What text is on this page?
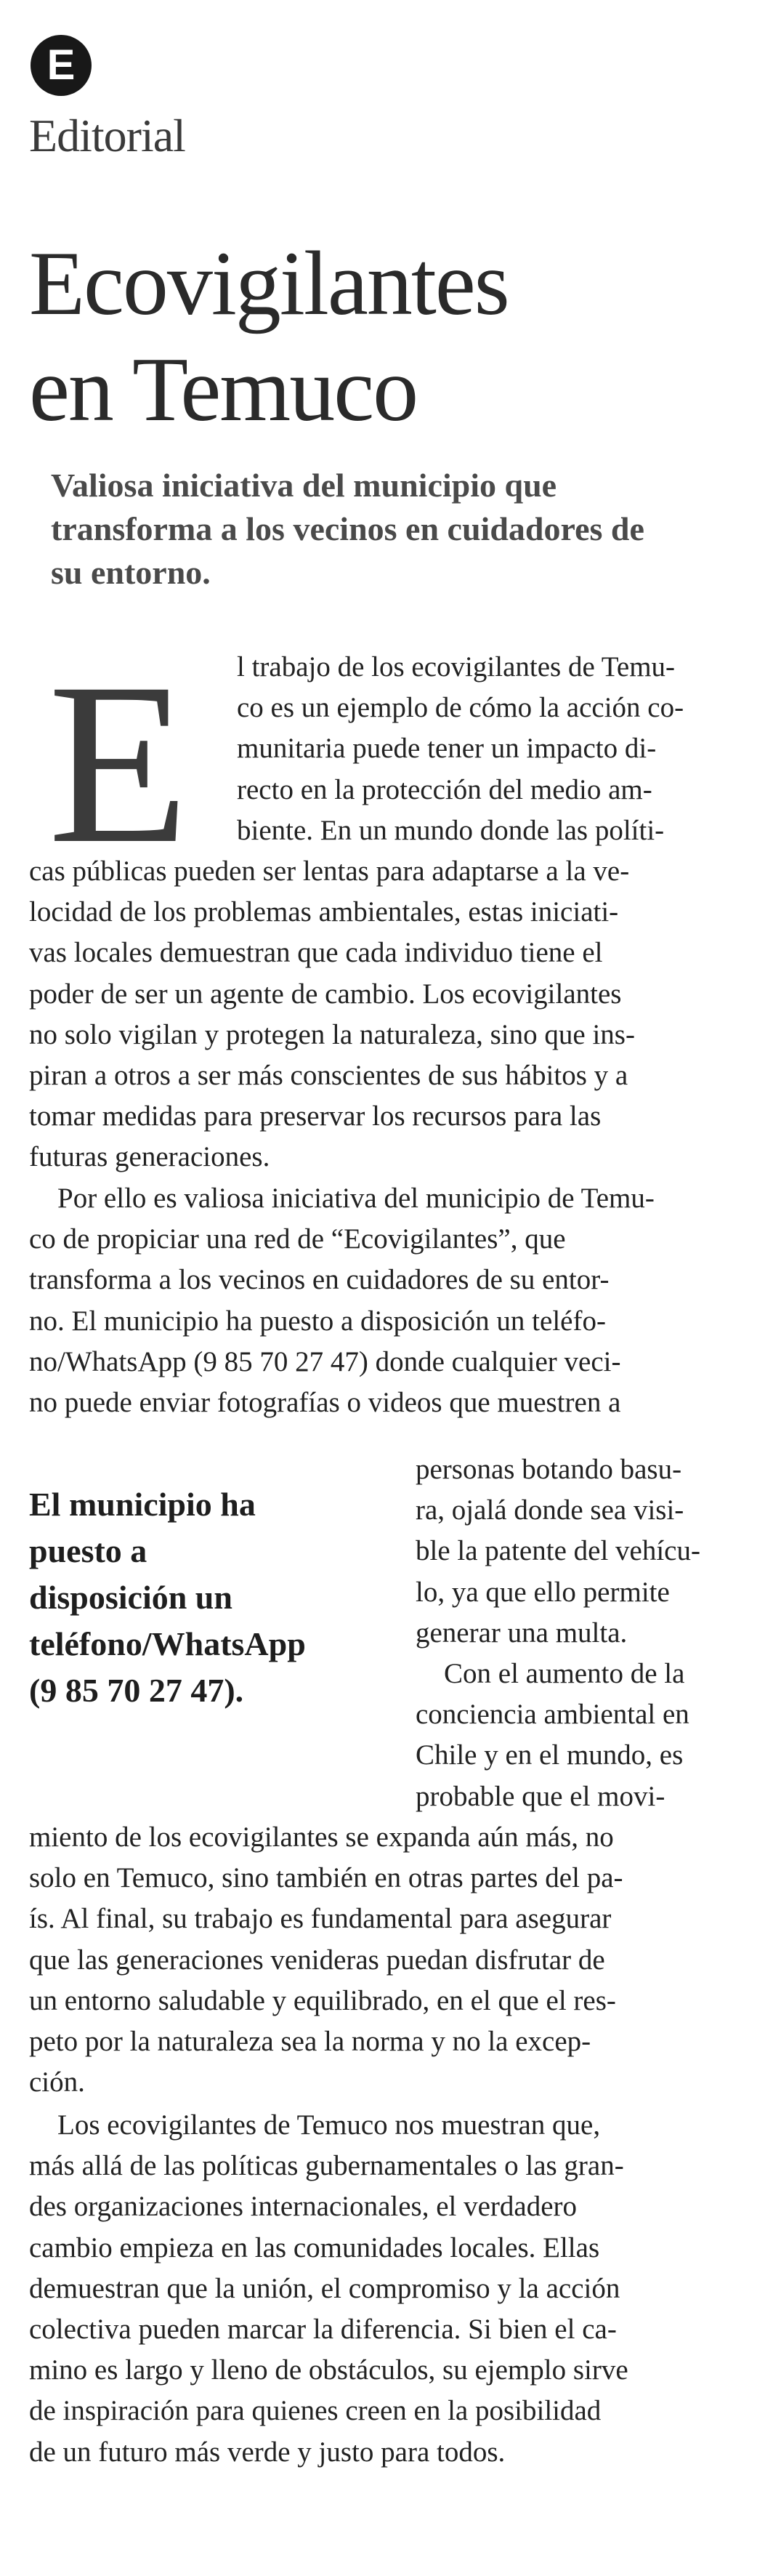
E
Editorial
Ecovigilantes
en Temuco
Valiosa iniciativa del municipio que
transforma a los vecinos en cuidadores de
su entorno.
E l trabajo de los ecovigilantes de Temu-
co es un ejemplo de cómo la acción co-
munitaria puede tener un impacto di-
recto en la protección del medio am-
biente. En un mundo donde las políti-
cas públicas pueden ser lentas para adaptarse a la ve-
locidad de los problemas ambientales, estas iniciati-
vas locales demuestran que cada individuo tiene el
poder de ser un agente de cambio. Los ecovigilantes
no solo vigilan y protegen la naturaleza, sino que ins-
piran a otros a ser más conscientes de sus hábitos y a
tomar medidas para preservar los recursos para las
futuras generaciones.
 Por ello es valiosa iniciativa del municipio de Temu-
co de propiciar una red de “Ecovigilantes”, que
transforma a los vecinos en cuidadores de su entor-
no. El municipio ha puesto a disposición un teléfo-
no/WhatsApp (9 85 70 27 47) donde cualquier veci-
no puede enviar fotografías o videos que muestren a
El municipio ha
puesto a
disposición un
teléfono/WhatsApp
(9 85 70 27 47).
personas botando basu-
ra, ojalá donde sea visi-
ble la patente del vehícu-
lo, ya que ello permite
generar una multa.
 Con el aumento de la
conciencia ambiental en
Chile y en el mundo, es
probable que el movi-
miento de los ecovigilantes se expanda aún más, no
solo en Temuco, sino también en otras partes del pa-
ís. Al final, su trabajo es fundamental para asegurar
que las generaciones venideras puedan disfrutar de
un entorno saludable y equilibrado, en el que el res-
peto por la naturaleza sea la norma y no la excep-
ción.
 Los ecovigilantes de Temuco nos muestran que,
más allá de las políticas gubernamentales o las gran-
des organizaciones internacionales, el verdadero
cambio empieza en las comunidades locales. Ellas
demuestran que la unión, el compromiso y la acción
colectiva pueden marcar la diferencia. Si bien el ca-
mino es largo y lleno de obstáculos, su ejemplo sirve
de inspiración para quienes creen en la posibilidad
de un futuro más verde y justo para todos.
